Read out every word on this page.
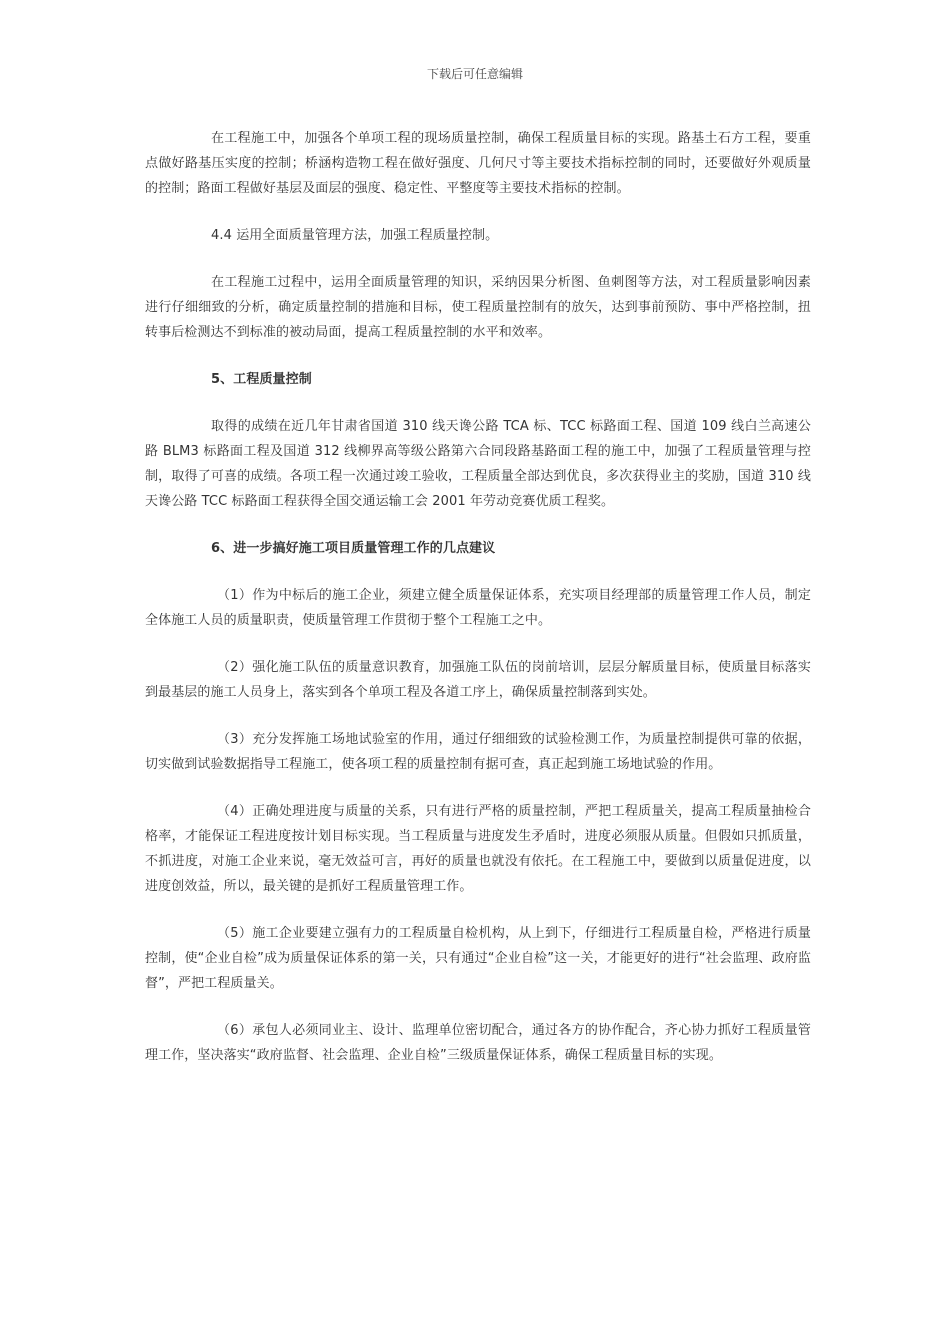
下载后可任意编辑

在工程施工中，加强各个单项工程的现场质量控制，确保工程质量目标的实现。路基土石方工程，要重点做好路基压实度的控制；桥涵构造物工程在做好强度、几何尺寸等主要技术指标控制的同时，还要做好外观质量的控制；路面工程做好基层及面层的强度、稳定性、平整度等主要技术指标的控制。

4.4 运用全面质量管理方法，加强工程质量控制。

在工程施工过程中，运用全面质量管理的知识，采纳因果分析图、鱼刺图等方法，对工程质量影响因素进行仔细细致的分析，确定质量控制的措施和目标，使工程质量控制有的放矢，达到事前预防、事中严格控制，扭转事后检测达不到标准的被动局面，提高工程质量控制的水平和效率。

5、工程质量控制

取得的成绩在近几年甘肃省国道 310 线天谗公路 TCA 标、TCC 标路面工程、国道 109 线白兰高速公路 BLM3 标路面工程及国道 312 线柳界高等级公路第六合同段路基路面工程的施工中，加强了工程质量管理与控制，取得了可喜的成绩。各项工程一次通过竣工验收，工程质量全部达到优良，多次获得业主的奖励，国道 310 线天谗公路 TCC 标路面工程获得全国交通运输工会 2001 年劳动竞赛优质工程奖。

6、进一步搞好施工项目质量管理工作的几点建议

（1）作为中标后的施工企业，须建立健全质量保证体系，充实项目经理部的质量管理工作人员，制定全体施工人员的质量职责，使质量管理工作贯彻于整个工程施工之中。

（2）强化施工队伍的质量意识教育，加强施工队伍的岗前培训，层层分解质量目标，使质量目标落实到最基层的施工人员身上，落实到各个单项工程及各道工序上，确保质量控制落到实处。

（3）充分发挥施工场地试验室的作用，通过仔细细致的试验检测工作，为质量控制提供可靠的依据，切实做到试验数据指导工程施工，使各项工程的质量控制有据可查，真正起到施工场地试验的作用。

（4）正确处理进度与质量的关系，只有进行严格的质量控制，严把工程质量关，提高工程质量抽检合格率，才能保证工程进度按计划目标实现。当工程质量与进度发生矛盾时，进度必须服从质量。但假如只抓质量，不抓进度，对施工企业来说，毫无效益可言，再好的质量也就没有依托。在工程施工中，要做到以质量促进度，以进度创效益，所以，最关键的是抓好工程质量管理工作。

（5）施工企业要建立强有力的工程质量自检机构，从上到下，仔细进行工程质量自检，严格进行质量控制，使“企业自检”成为质量保证体系的第一关，只有通过“企业自检”这一关，才能更好的进行“社会监理、政府监督”，严把工程质量关。

（6）承包人必须同业主、设计、监理单位密切配合，通过各方的协作配合，齐心协力抓好工程质量管理工作，坚决落实“政府监督、社会监理、企业自检”三级质量保证体系，确保工程质量目标的实现。
